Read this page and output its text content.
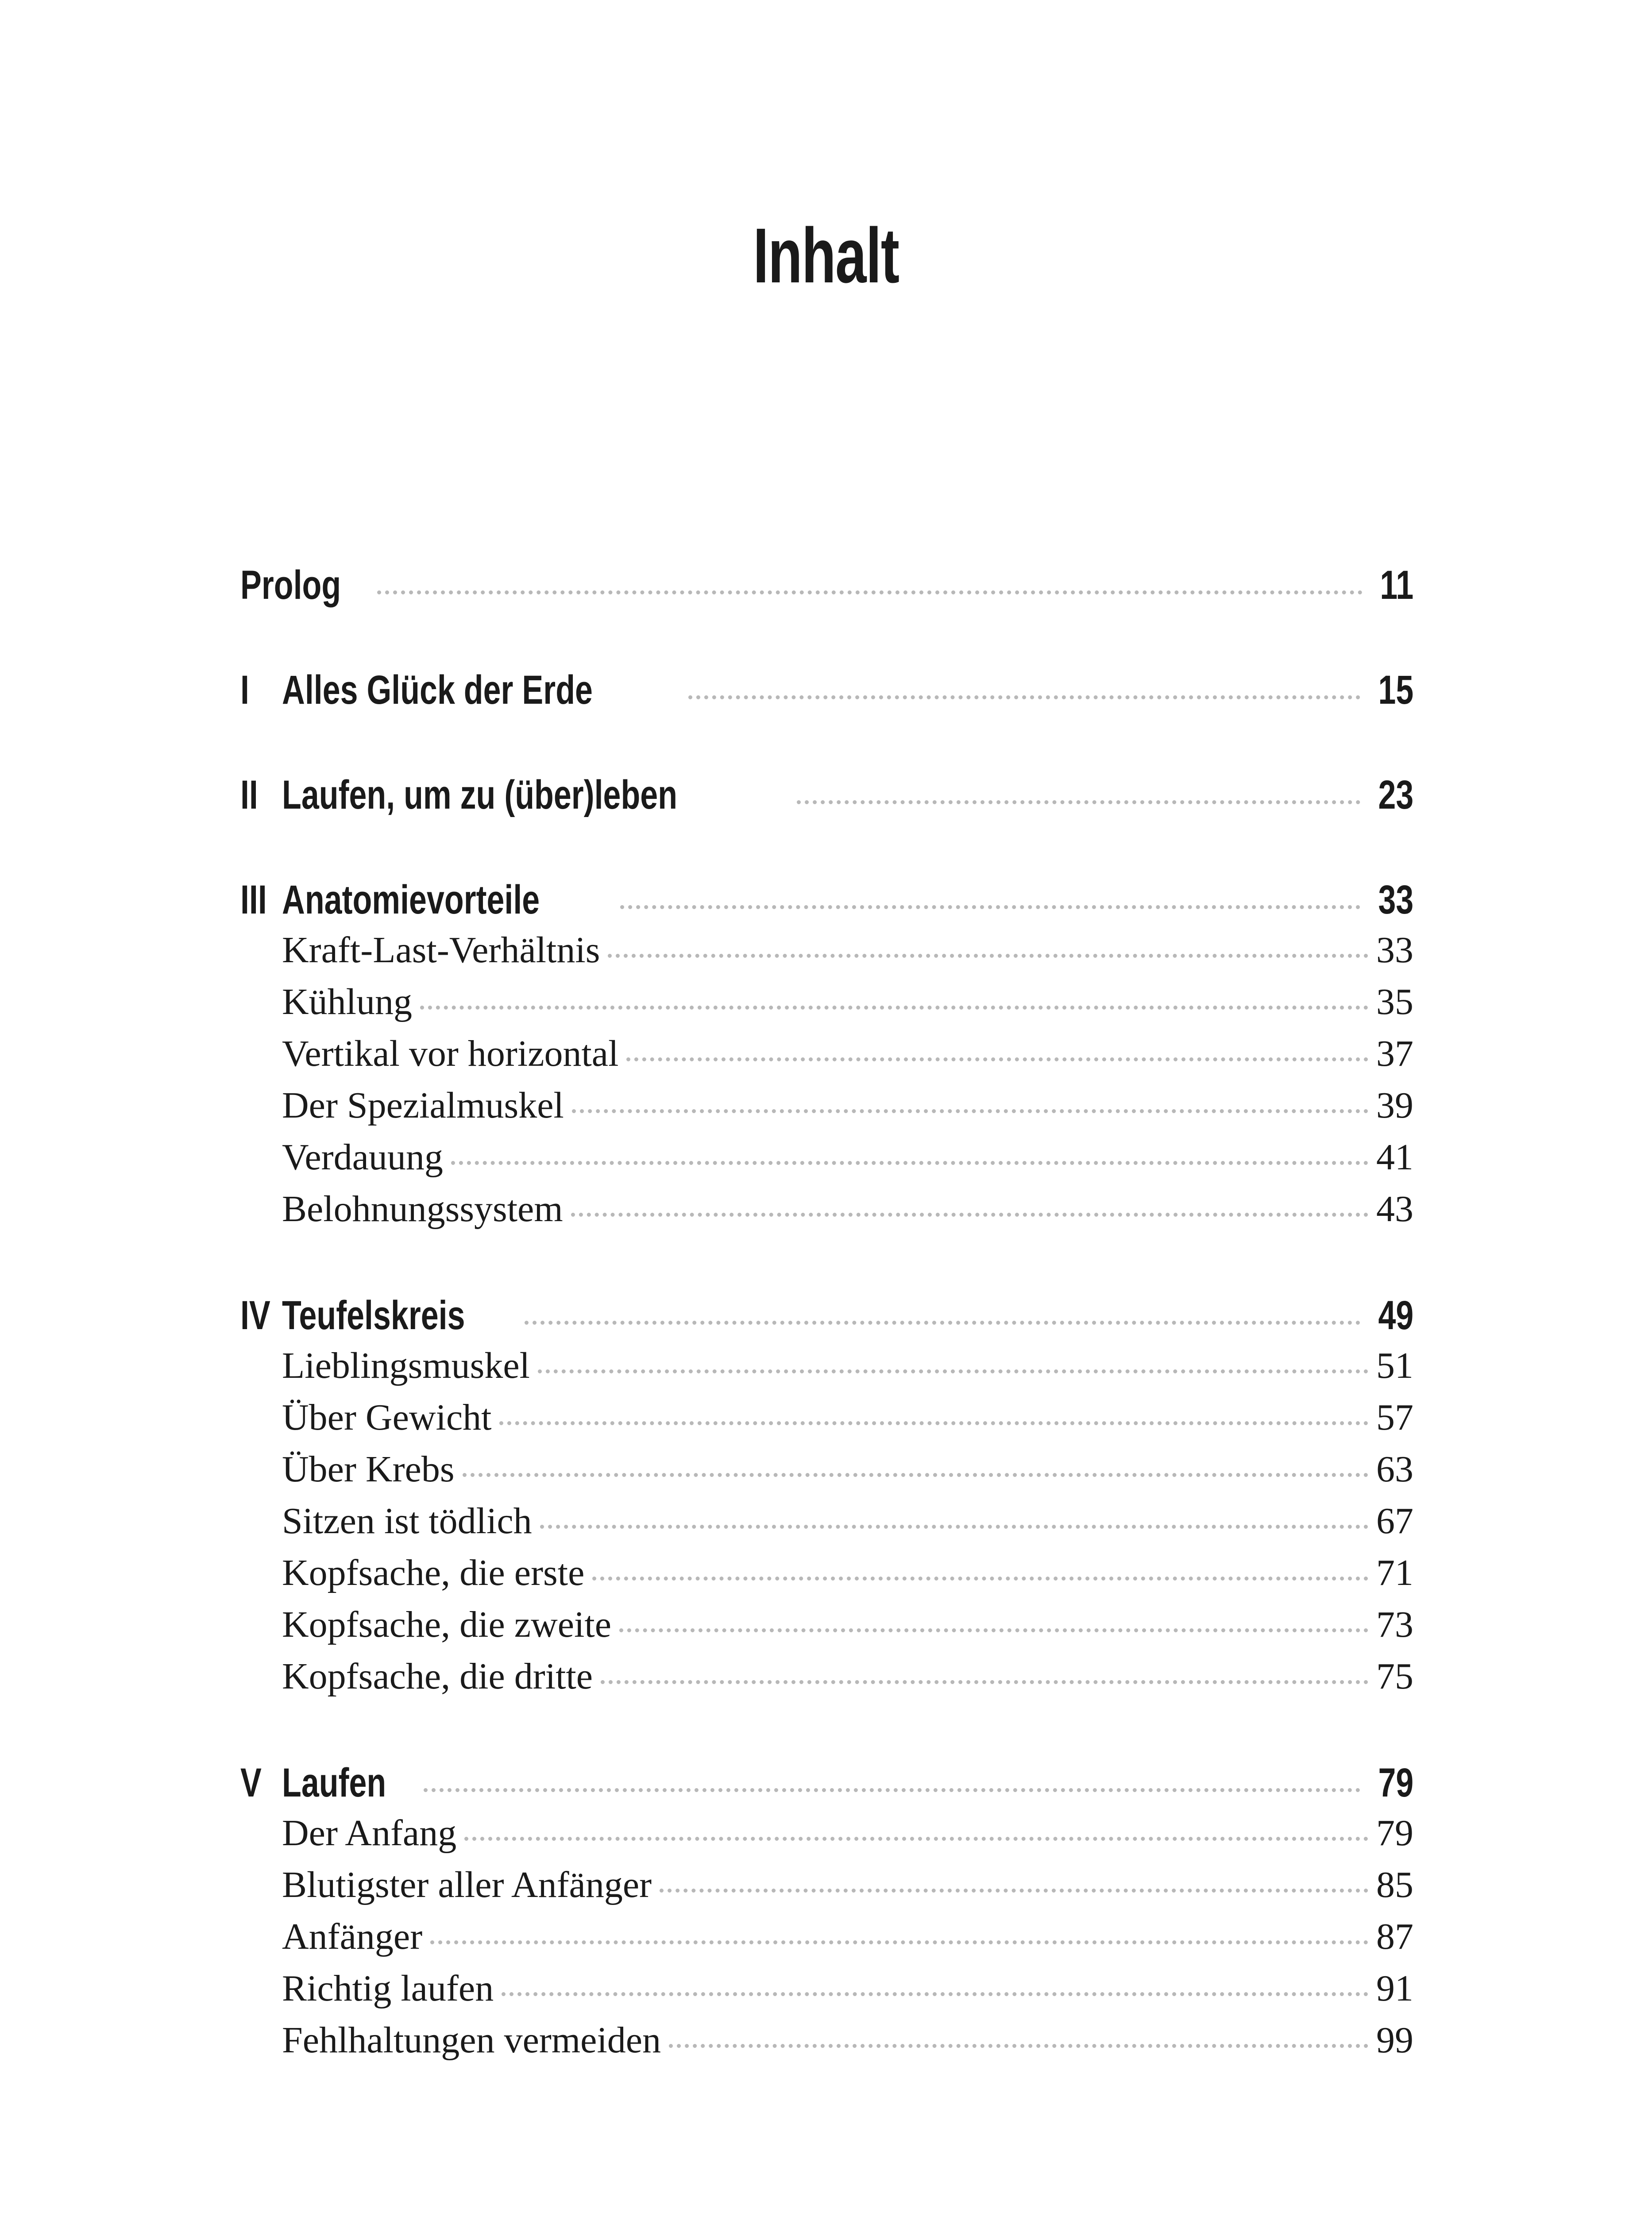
Inhalt
Prolog	11
I Alles Glück der Erde	15
II Laufen, um zu (über)leben	23
III Anatomievorteile	33
Kraft-Last-Verhältnis	33
Kühlung	35
Vertikal vor horizontal	37
Der Spezialmuskel	39
Verdauung	41
Belohnungssystem	43
IV Teufelskreis	49
Lieblingsmuskel	51
Über Gewicht	57
Über Krebs	63
Sitzen ist tödlich	67
Kopfsache, die erste	71
Kopfsache, die zweite	73
Kopfsache, die dritte	75
V Laufen	79
Der Anfang	79
Blutigster aller Anfänger	85
Anfänger	87
Richtig laufen	91
Fehlhaltungen vermeiden	99
